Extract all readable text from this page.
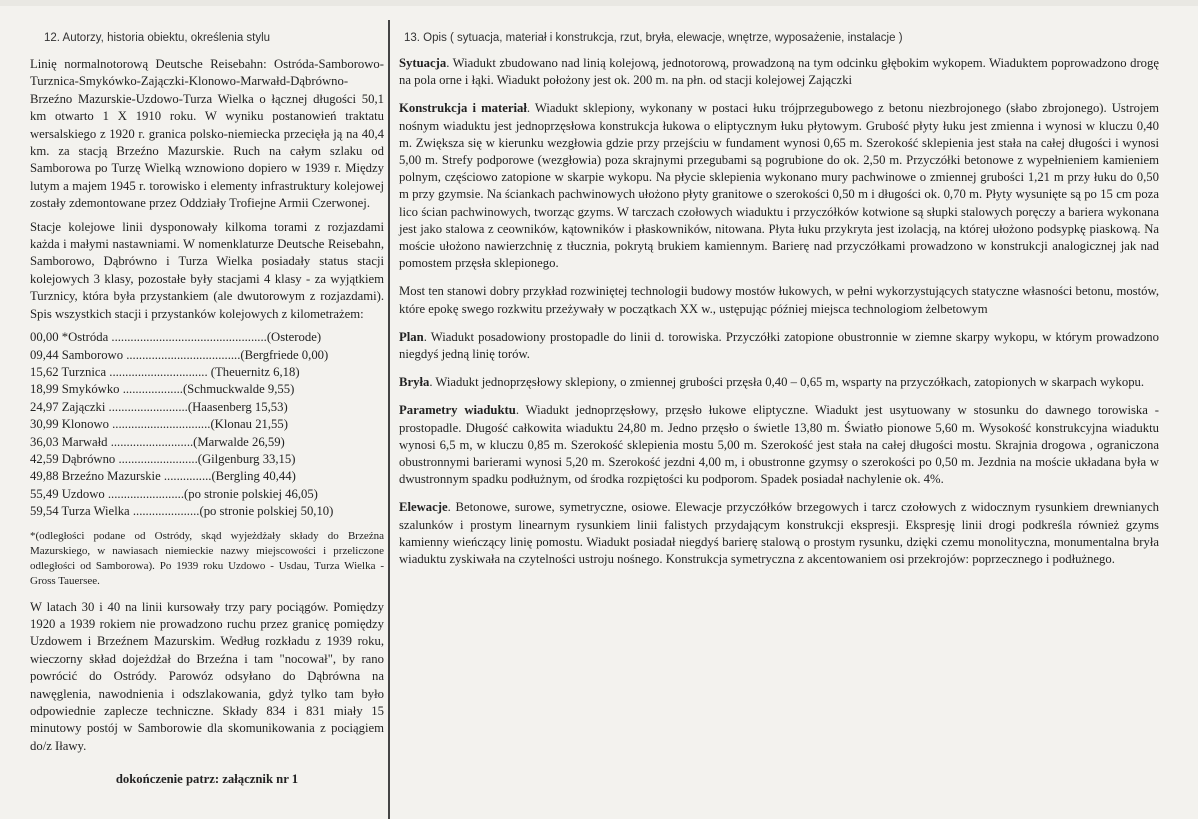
12. Autorzy, historia obiektu, określenia stylu	13. Opis ( sytuacja, materiał i konstrukcja, rzut, bryła, elewacje, wnętrze, wyposażenie, instalacje )

Linię normalnotorową Deutsche Reisebahn: Ostróda-Samborowo-Turznica-Smykówko-Zajączki-Klonowo-Marwałd-Dąbrówno-Brzeźno Mazurskie-Uzdowo-Turza Wielka o łącznej długości 50,1 km otwarto 1 X 1910 roku. W wyniku postanowień traktatu wersalskiego z 1920 r. granica polsko-niemiecka przecięła ją na 40,4 km. za stacją Brzeźno Mazurskie. Ruch na całym szlaku od Samborowa po Turzę Wielką wznowiono dopiero w 1939 r. Między lutym a majem 1945 r. torowisko i elementy infrastruktury kolejowej zostały zdemontowane przez Oddziały Trofiejne Armii Czerwonej.

Stacje kolejowe linii dysponowały kilkoma torami z rozjazdami każda i małymi nastawniami. W nomenklaturze Deutsche Reisebahn, Samborowo, Dąbrówno i Turza Wielka posiadały status stacji kolejowych 3 klasy, pozostałe były stacjami 4 klasy - za wyjątkiem Turznicy, która była przystankiem (ale dwutorowym z rozjazdami). Spis wszystkich stacji i przystanków kolejowych z kilometrażem:

00,00 *Ostróda .................................................(Osterode)
09,44 Samborowo ....................................(Bergfriede 0,00)
15,62 Turznica ............................... (Theuernitz 6,18)
18,99 Smykówko ...................(Schmuckwalde 9,55)
24,97 Zajączki .........................(Haasenberg 15,53)
30,99 Klonowo ...............................(Klonau 21,55)
36,03 Marwałd ..........................(Marwalde 26,59)
42,59 Dąbrówno .........................(Gilgenburg 33,15)
49,88 Brzeźno Mazurskie ...............(Bergling 40,44)
55,49 Uzdowo ........................(po stronie polskiej 46,05)
59,54 Turza Wielka .....................(po stronie polskiej 50,10)

*(odległości podane od Ostródy, skąd wyjeżdżały składy do Brzeźna Mazurskiego, w nawiasach niemieckie nazwy miejscowości i przeliczone odległości od Samborowa). Po 1939 roku Uzdowo - Usdau, Turza Wielka - Gross Tauersee.

W latach 30 i 40 na linii kursowały trzy pary pociągów. Pomiędzy 1920 a 1939 rokiem nie prowadzono ruchu przez granicę pomiędzy Uzdowem i Brzeźnem Mazurskim. Według rozkładu z 1939 roku, wieczorny skład dojeżdżał do Brzeźna i tam "nocował", by rano powrócić do Ostródy. Parowóz odsyłano do Dąbrówna na nawęglenia, nawodnienia i odszlakowania, gdyż tylko tam było odpowiednie zaplecze techniczne. Składy 834 i 831 miały 15 minutowy postój w Samborowie dla skomunikowania z pociągiem do/z Iławy.

dokończenie patrz: załącznik nr 1

Sytuacja. Wiadukt zbudowano nad linią kolejową, jednotorową, prowadzoną na tym odcinku głębokim wykopem. Wiaduktem poprowadzono drogę na pola orne i łąki. Wiadukt położony jest ok. 200 m. na płn. od stacji kolejowej Zajączki

Konstrukcja i materiał. Wiadukt sklepiony, wykonany w postaci łuku trójprzegubowego z betonu niezbrojonego (słabo zbrojonego). Ustrojem nośnym wiaduktu jest jednoprzęsłowa konstrukcja łukowa o eliptycznym łuku płytowym. Grubość płyty łuku jest zmienna i wynosi w kluczu 0,40 m. Zwiększa się w kierunku wezgłowia gdzie przy przejściu w fundament wynosi 0,65 m. Szerokość sklepienia jest stała na całej długości i wynosi 5,00 m. Strefy podporowe (wezgłowia) poza skrajnymi przegubami są pogrubione do ok. 2,50 m. Przyczółki betonowe z wypełnieniem kamieniem polnym, częściowo zatopione w skarpie wykopu. Na płycie sklepienia wykonano mury pachwinowe o zmiennej grubości 1,21 m przy łuku do 0,50 m przy gzymsie. Na ściankach pachwinowych ułożono płyty granitowe o szerokości 0,50 m i długości ok. 0,70 m. Płyty wysunięte są po 15 cm poza lico ścian pachwinowych, tworząc gzyms. W tarczach czołowych wiaduktu i przyczółków kotwione są słupki stalowych poręczy a bariera wykonana jest jako stalowa z ceowników, kątowników i płaskowników, nitowana. Płyta łuku przykryta jest izolacją, na której ułożono podsypkę piaskową. Na moście ułożono nawierzchnię z tłucznia, pokrytą brukiem kamiennym. Barierę nad przyczółkami prowadzono w konstrukcji analogicznej jak nad pomostem przęsła sklepionego.

Most ten stanowi dobry przykład rozwiniętej technologii budowy mostów łukowych, w pełni wykorzystujących statyczne własności betonu, mostów, które epokę swego rozkwitu przeżywały w początkach XX w., ustępując później miejsca technologiom żelbetowym

Plan. Wiadukt posadowiony prostopadle do linii d. torowiska. Przyczółki zatopione obustronnie w ziemne skarpy wykopu, w którym prowadzono niegdyś jedną linię torów.

Bryła. Wiadukt jednoprzęsłowy sklepiony, o zmiennej grubości przęsła 0,40 – 0,65 m, wsparty na przyczółkach, zatopionych w skarpach wykopu.

Parametry wiaduktu. Wiadukt jednoprzęsłowy, przęsło łukowe eliptyczne. Wiadukt jest usytuowany w stosunku do dawnego torowiska - prostopadle. Długość całkowita wiaduktu 24,80 m. Jedno przęsło o świetle 13,80 m. Światło pionowe 5,60 m. Wysokość konstrukcyjna wiaduktu wynosi 6,5 m, w kluczu 0,85 m. Szerokość sklepienia mostu 5,00 m. Szerokość jest stała na całej długości mostu. Skrajnia drogowa , ograniczona obustronnymi barierami wynosi 5,20 m. Szerokość jezdni 4,00 m, i obustronne gzymsy o szerokości po 0,50 m. Jezdnia na moście układana była w dwustronnym spadku podłużnym, od środka rozpiętości ku podporom. Spadek posiadał nachylenie ok. 4%.

Elewacje. Betonowe, surowe, symetryczne, osiowe. Elewacje przyczółków brzegowych i tarcz czołowych z widocznym rysunkiem drewnianych szalunków i prostym linearnym rysunkiem linii falistych przydającym konstrukcji ekspresji. Ekspresję linii drogi podkreśla również gzyms kamienny wieńczący linię pomostu. Wiadukt posiadał niegdyś barierę stalową o prostym rysunku, dzięki czemu monolityczna, monumentalna bryła wiaduktu zyskiwała na czytelności ustroju nośnego. Konstrukcja symetryczna z akcentowaniem osi przekrojów: poprzecznego i podłużnego.
